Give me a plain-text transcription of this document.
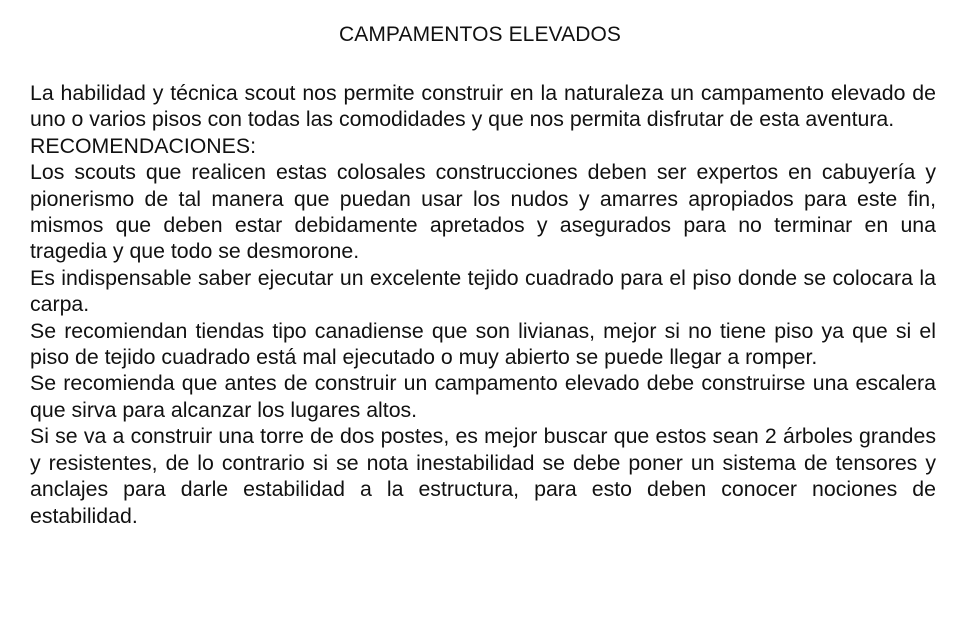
CAMPAMENTOS ELEVADOS

La habilidad y técnica scout nos permite construir en la naturaleza un campamento elevado de uno o varios pisos con todas las comodidades y que nos permita disfrutar de esta aventura.

RECOMENDACIONES:

Los scouts que realicen estas colosales construcciones deben ser expertos en cabuyería y pionerismo de tal manera que puedan usar los nudos y amarres apropiados para este fin, mismos que deben estar debidamente apretados y asegurados para no terminar en una tragedia y que todo se desmorone.

Es indispensable saber ejecutar un excelente tejido cuadrado para el piso donde se colocara la carpa.

Se recomiendan tiendas tipo canadiense que son livianas, mejor si no tiene piso ya que si el piso de tejido cuadrado está mal ejecutado o muy abierto se puede llegar a romper.

Se recomienda que antes de construir un campamento elevado debe construirse una escalera que sirva para alcanzar los lugares altos.

Si se va a construir una torre de dos postes, es mejor buscar que estos sean 2 árboles grandes y resistentes, de lo contrario si se nota inestabilidad se debe poner un sistema de tensores y anclajes para darle estabilidad a la estructura, para esto deben conocer nociones de estabilidad.
